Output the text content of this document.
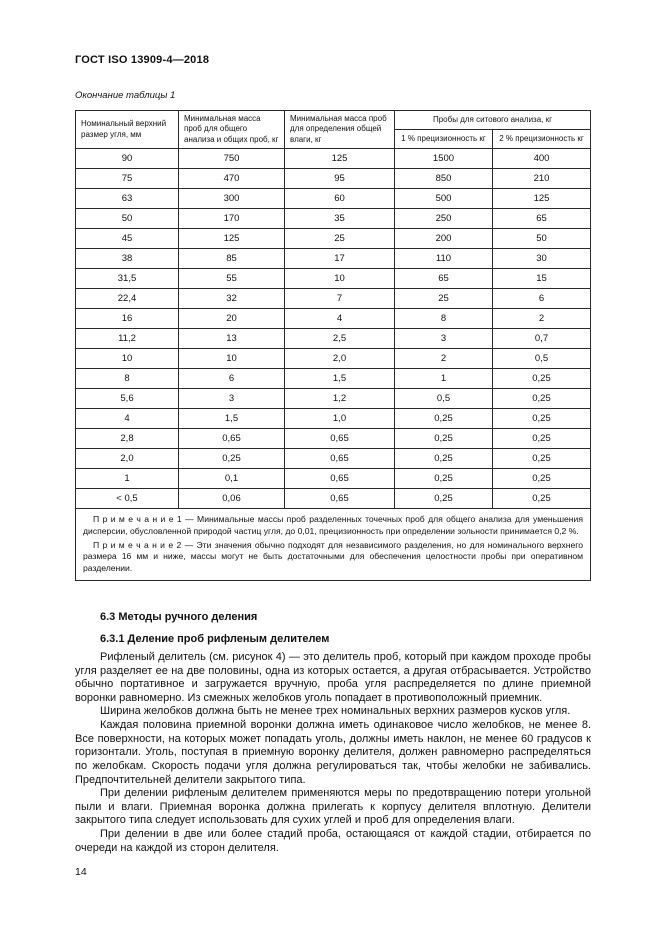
ГОСТ ISO 13909-4—2018
Окончание таблицы 1
Номинальный верхний размер угля, мм	Минимальная масса проб для общего анализа и общих проб, кг	Минимальная масса проб для определения общей влаги, кг	Пробы для ситового анализа, кг	
			1 % прецизионность кг	2 % прецизионность кг
90	750	125	1500	400
75	470	95	850	210
63	300	60	500	125
50	170	35	250	65
45	125	25	200	50
38	85	17	110	30
31,5	55	10	65	15
22,4	32	7	25	6
16	20	4	8	2
11,2	13	2,5	3	0,7
10	10	2,0	2	0,5
8	6	1,5	1	0,25
5,6	3	1,2	0,5	0,25
4	1,5	1,0	0,25	0,25
2,8	0,65	0,65	0,25	0,25
2,0	0,25	0,65	0,25	0,25
1	0,1	0,65	0,25	0,25
< 0,5	0,06	0,65	0,25	0,25

П р и м е ч а н и е 1 — Минимальные массы проб разделенных точечных проб для общего анализа для уменьшения дисперсии, обусловленной природой частиц угля, до 0,01, прецизионность при определении зольности принимается 0,2 %.

П р и м е ч а н и е 2 — Эти значения обычно подходят для независимого разделения, но для номинального верхнего размера 16 мм и ниже, массы могут не быть достаточными для обеспечения целостности пробы при оперативном разделении.				

6.3 Методы ручного деления
6.3.1 Деление проб рифленым делителем

Рифленый делитель (см. рисунок 4) — это делитель проб, который при каждом проходе пробы угля разделяет ее на две половины, одна из которых остается, а другая отбрасывается. Устройство обычно портативное и загружается вручную, проба угля распределяется по длине приемной воронки равномерно. Из смежных желобков уголь попадает в противоположный приемник.

Ширина желобков должна быть не менее трех номинальных верхних размеров кусков угля.

Каждая половина приемной воронки должна иметь одинаковое число желобков, не менее 8. Все поверхности, на которых может попадать уголь, должны иметь наклон, не менее 60 градусов к горизонтали. Уголь, поступая в приемную воронку делителя, должен равномерно распределяться по желобкам. Скорость подачи угля должна регулироваться так, чтобы желобки не забивались. Предпочтительней делители закрытого типа.

При делении рифленым делителем применяются меры по предотвращению потери угольной пыли и влаги. Приемная воронка должна прилегать к корпусу делителя вплотную. Делители закрытого типа следует использовать для сухих углей и проб для определения влаги.

При делении в две или более стадий проба, остающаяся от каждой стадии, отбирается по очереди на каждой из сторон делителя.

14
